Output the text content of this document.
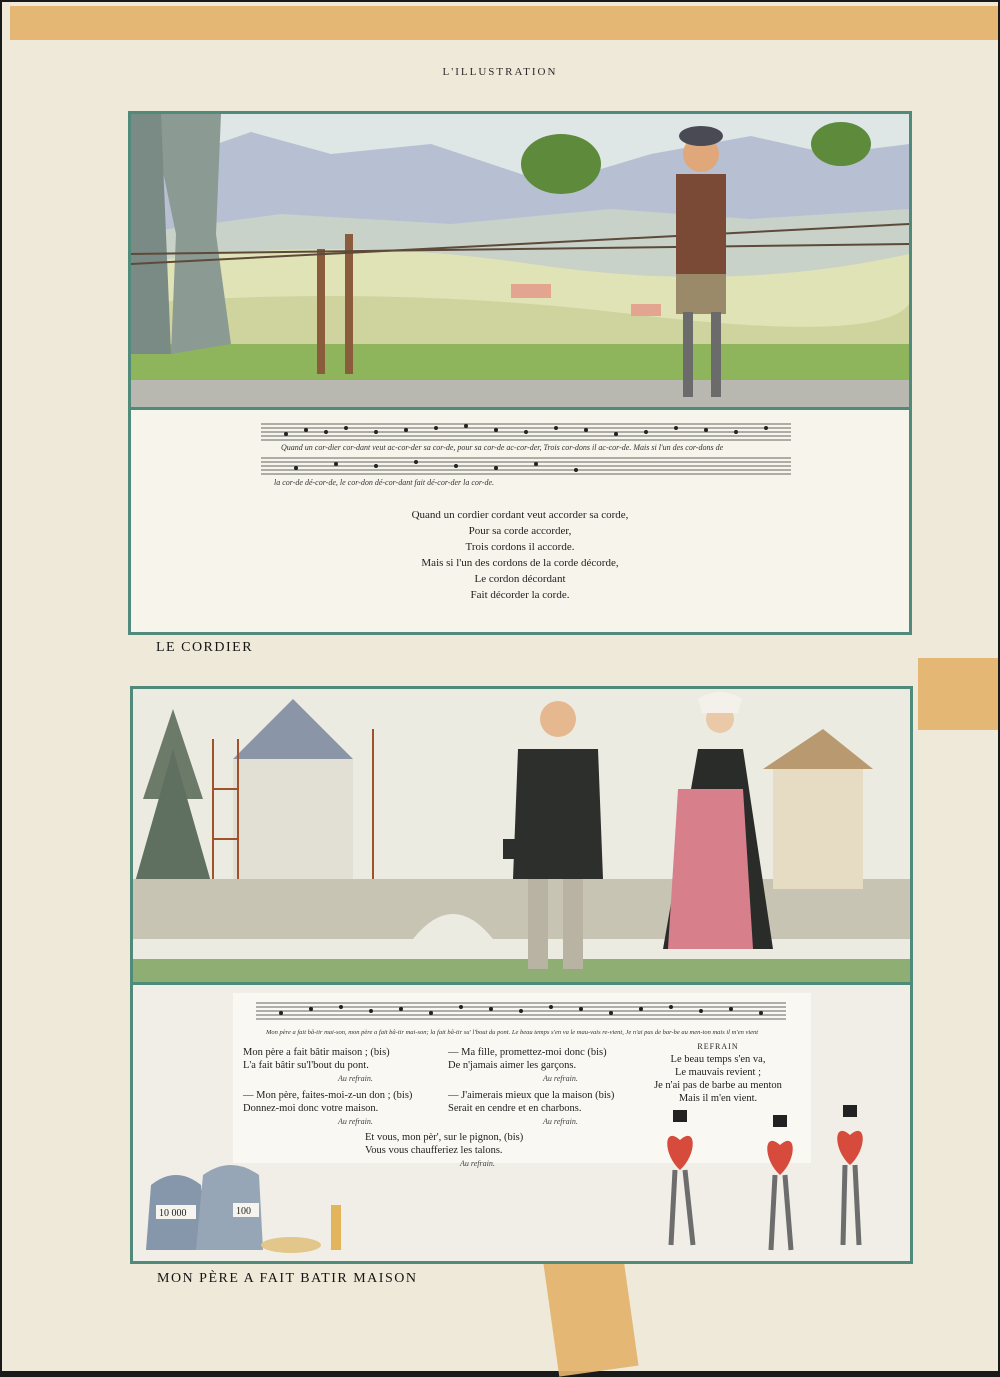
L'ILLUSTRATION
Quand un cor-dier cor-dant veut ac-cor-der sa cor-de, pour sa cor-de ac-cor-der, Trois cor-dons il ac-cor-de. Mais si l'un des cor-dons de
la cor-de dé-cor-de, le cor-don dé-cor-dant fait dé-cor-der la cor-de.
Quand un cordier cordant veut accorder sa corde,
Pour sa corde accorder,
Trois cordons il accorde.
Mais si l'un des cordons de la corde décorde,
Le cordon décordant
Fait décorder la corde.
LE CORDIER
Mon père a fait bâ-tir mai-son, mon père a fait bâ-tir mai-son; la fait bâ-tir su' l'bout du pont. Le beau temps s'en va le mau-vais re-vient, Je n'ai pas de bar-be au men-ton mais il m'en vient
Mon père a fait bâtir maison ; (bis)
L'a fait bâtir su'l'bout du pont.
Au refrain.
— Mon père, faites-moi-z-un don ; (bis)
Donnez-moi donc votre maison.
Au refrain.
— Ma fille, promettez-moi donc (bis)
De n'jamais aimer les garçons.
Au refrain.
— J'aimerais mieux que la maison (bis)
Serait en cendre et en charbons.
Au refrain.
REFRAIN
Le beau temps s'en va,
Le mauvais revient ;
Je n'ai pas de barbe au menton
Mais il m'en vient.
Et vous, mon pèr', sur le pignon, (bis)
Vous vous chaufferiez les talons.
Au refrain.
10 000	100
MON PÈRE A FAIT BATIR MAISON
